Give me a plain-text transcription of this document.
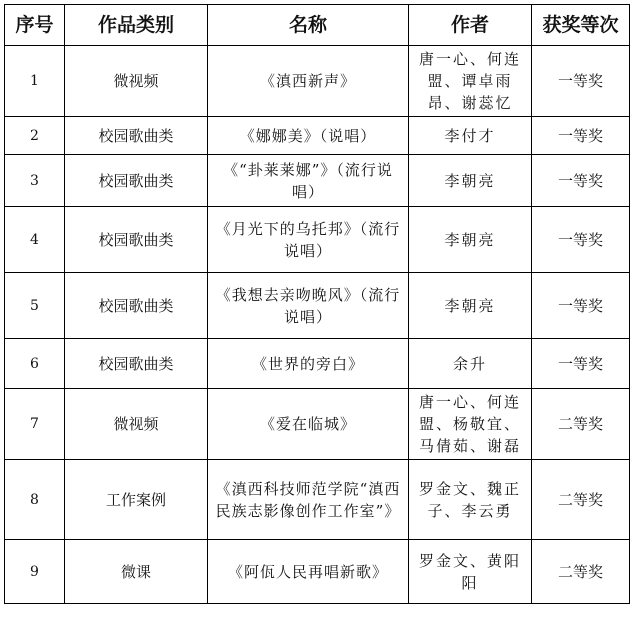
序号	作品类别	名称	作者	获奖等次
1	微视频	《滇西新声》	唐一心、何连盟、谭卓雨昂、谢蕊忆	一等奖
2	校园歌曲类	《娜娜美》（说唱）	李付才	一等奖
3	校园歌曲类	《“卦莱莱娜”》（流行说唱）	李朝亮	一等奖
4	校园歌曲类	《月光下的乌托邦》（流行说唱）	李朝亮	一等奖
5	校园歌曲类	《我想去亲吻晚风》（流行说唱）	李朝亮	一等奖
6	校园歌曲类	《世界的旁白》	余升	一等奖
7	微视频	《爱在临城》	唐一心、何连盟、杨敬宜、马倩茹、谢磊	二等奖
8	工作案例	《滇西科技师范学院“滇西民族志影像创作工作室”》	罗金文、魏正子、李云勇	二等奖
9	微课	《阿佤人民再唱新歌》	罗金文、黄阳阳	二等奖
